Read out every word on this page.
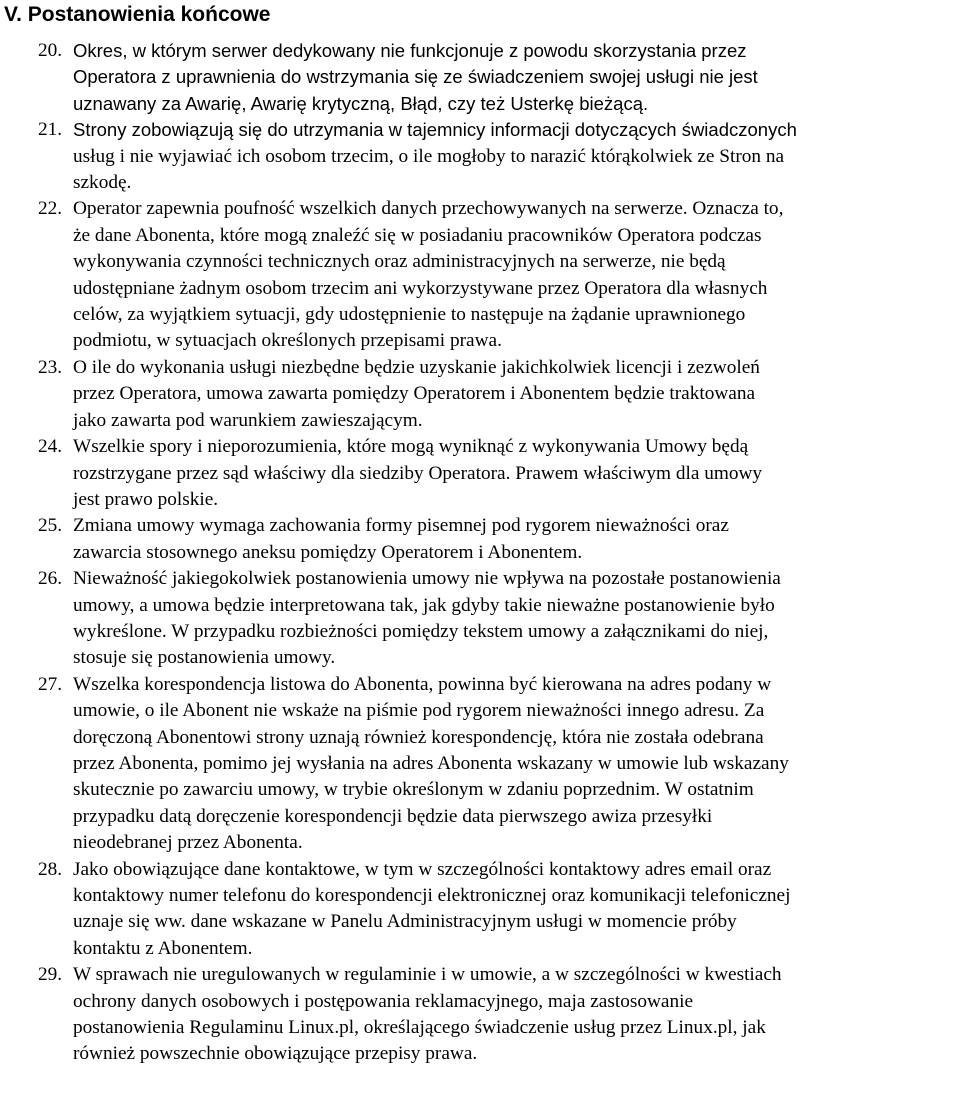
V. Postanowienia końcowe
20. Okres, w którym serwer dedykowany nie funkcjonuje z powodu skorzystania przez
Operatora z uprawnienia do wstrzymania się ze świadczeniem swojej usługi nie jest
uznawany za Awarię, Awarię krytyczną, Błąd, czy też Usterkę bieżącą.
21. Strony zobowiązują się do utrzymania w tajemnicy informacji dotyczących świadczonych
usług i nie wyjawiać ich osobom trzecim, o ile mogłoby to narazić którąkolwiek ze Stron na
szkodę.
22. Operator zapewnia poufność wszelkich danych przechowywanych na serwerze. Oznacza to,
że dane Abonenta, które mogą znaleźć się w posiadaniu pracowników Operatora podczas
wykonywania czynności technicznych oraz administracyjnych na serwerze, nie będą
udostępniane żadnym osobom trzecim ani wykorzystywane przez Operatora dla własnych
celów, za wyjątkiem sytuacji, gdy udostępnienie to następuje na żądanie uprawnionego
podmiotu, w sytuacjach określonych przepisami prawa.
23. O ile do wykonania usługi niezbędne będzie uzyskanie jakichkolwiek licencji i zezwoleń
przez Operatora, umowa zawarta pomiędzy Operatorem i Abonentem będzie traktowana
jako zawarta pod warunkiem zawieszającym.
24. Wszelkie spory i nieporozumienia, które mogą wyniknąć z wykonywania Umowy będą
rozstrzygane przez sąd właściwy dla siedziby Operatora. Prawem właściwym dla umowy
jest prawo polskie.
25. Zmiana umowy wymaga zachowania formy pisemnej pod rygorem nieważności oraz
zawarcia stosownego aneksu pomiędzy Operatorem i Abonentem.
26. Nieważność jakiegokolwiek postanowienia umowy nie wpływa na pozostałe postanowienia
umowy, a umowa będzie interpretowana tak, jak gdyby takie nieważne postanowienie było
wykreślone. W przypadku rozbieżności pomiędzy tekstem umowy a załącznikami do niej,
stosuje się postanowienia umowy.
27. Wszelka korespondencja listowa do Abonenta, powinna być kierowana na adres podany w
umowie, o ile Abonent nie wskaże na piśmie pod rygorem nieważności innego adresu. Za
doręczoną Abonentowi strony uznają również korespondencję, która nie została odebrana
przez Abonenta, pomimo jej wysłania na adres Abonenta wskazany w umowie lub wskazany
skutecznie po zawarciu umowy, w trybie określonym w zdaniu poprzednim. W ostatnim
przypadku datą doręczenie korespondencji będzie data pierwszego awiza przesyłki
nieodebranej przez Abonenta.
28. Jako obowiązujące dane kontaktowe, w tym w szczególności kontaktowy adres email oraz
kontaktowy numer telefonu do korespondencji elektronicznej oraz komunikacji telefonicznej
uznaje się ww. dane wskazane w Panelu Administracyjnym usługi w momencie próby
kontaktu z Abonentem.
29. W sprawach nie uregulowanych w regulaminie i w umowie, a w szczególności w kwestiach
ochrony danych osobowych i postępowania reklamacyjnego, maja zastosowanie
postanowienia Regulaminu Linux.pl, określającego świadczenie usług przez Linux.pl, jak
również powszechnie obowiązujące przepisy prawa.
